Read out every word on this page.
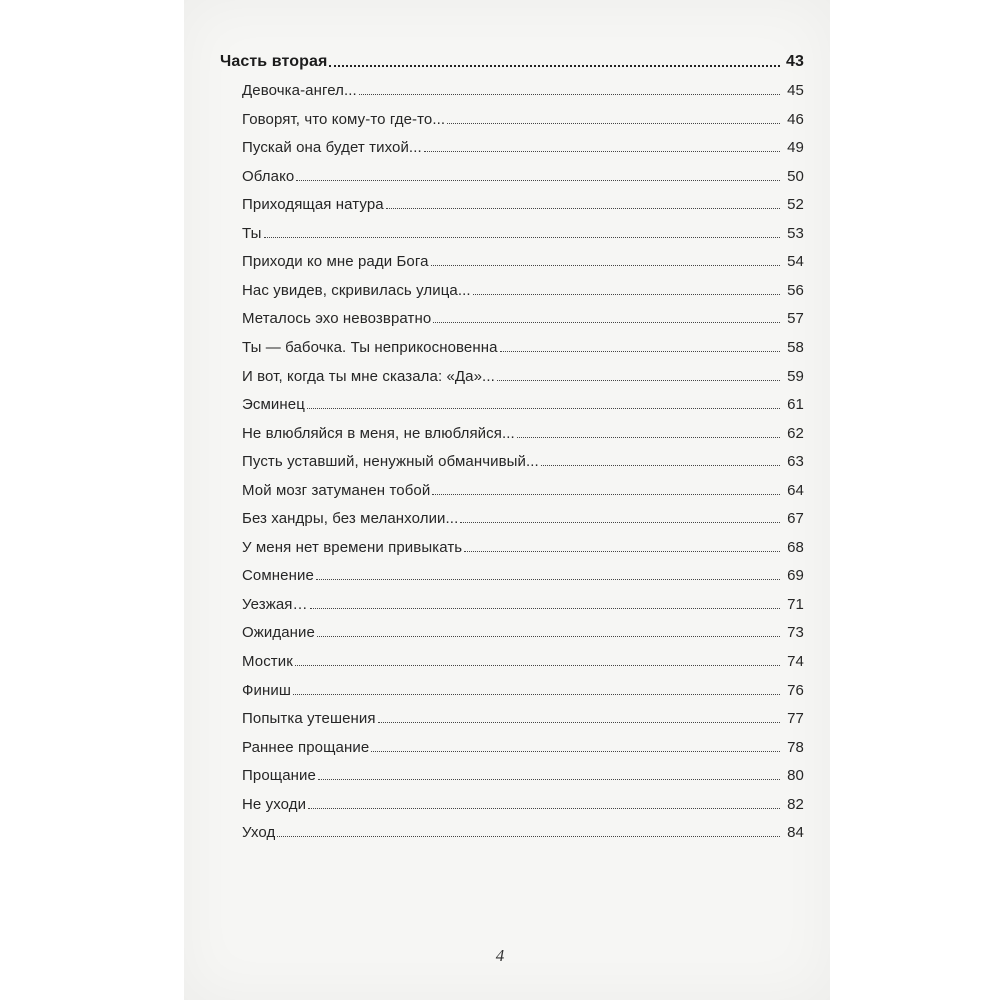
Часть вторая	43
Девочка-ангел...	45
Говорят, что кому-то где-то...	46
Пускай она будет тихой...	49
Облако	50
Приходящая натура	52
Ты	53
Приходи ко мне ради Бога	54
Нас увидев, скривилась улица...	56
Металось эхо невозвратно	57
Ты — бабочка. Ты неприкосновенна	58
И вот, когда ты мне сказала: «Да»...	59
Эсминец	61
Не влюбляйся в меня, не влюбляйся...	62
Пусть уставший, ненужный обманчивый...	63
Мой мозг затуманен тобой	64
Без хандры, без меланхолии...	67
У меня нет времени привыкать	68
Сомнение	69
Уезжая…	71
Ожидание	73
Мостик	74
Финиш	76
Попытка утешения	77
Раннее прощание	78
Прощание	80
Не уходи	82
Уход	84
4
